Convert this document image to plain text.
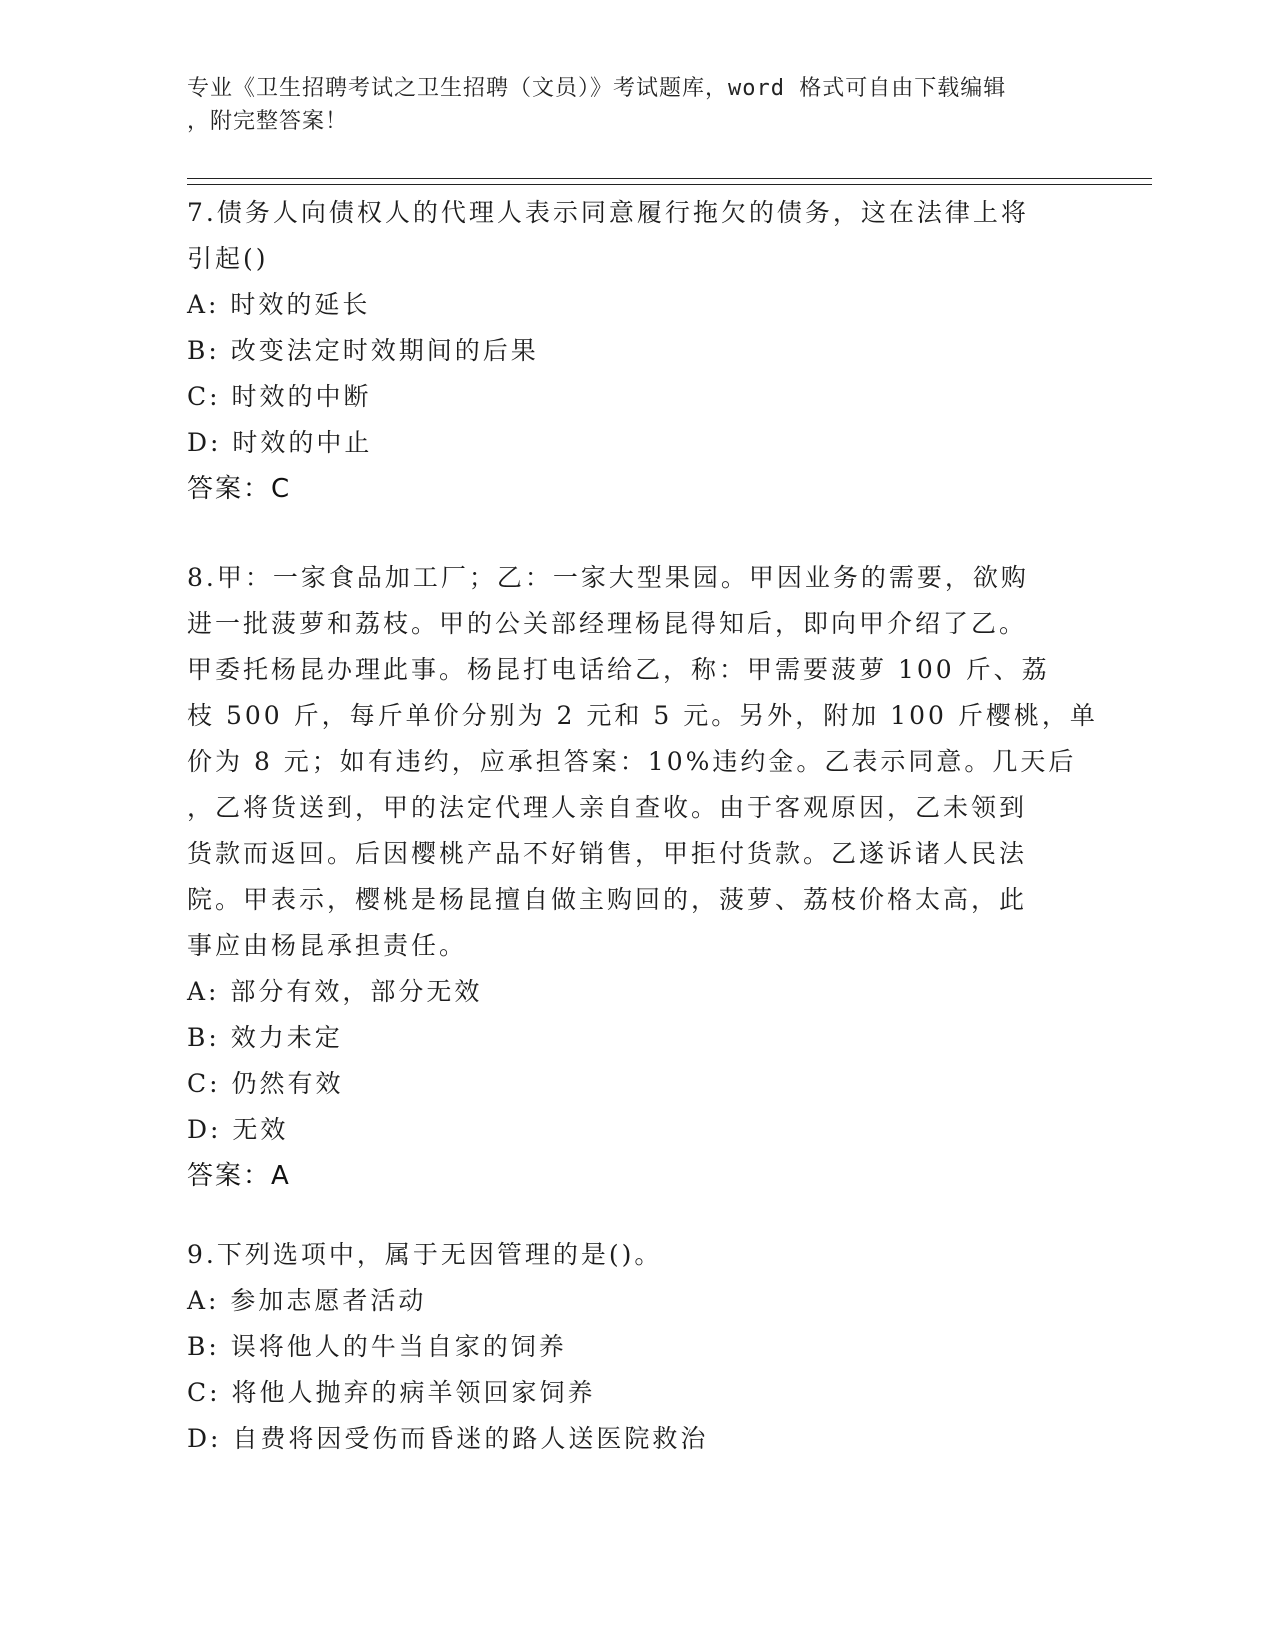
专业《卫生招聘考试之卫生招聘（文员）》考试题库，word 格式可自由下载编辑
，附完整答案！
7.债务人向债权人的代理人表示同意履行拖欠的债务，这在法律上将
引起()
A: 时效的延长
B: 改变法定时效期间的后果
C: 时效的中断
D: 时效的中止
答案：C
8.甲：一家食品加工厂；乙：一家大型果园。甲因业务的需要，欲购
进一批菠萝和荔枝。甲的公关部经理杨昆得知后，即向甲介绍了乙。
甲委托杨昆办理此事。杨昆打电话给乙，称：甲需要菠萝 100 斤、荔
枝 500 斤，每斤单价分别为 2 元和 5 元。另外，附加 100 斤樱桃，单
价为 8 元；如有违约，应承担答案：10%违约金。乙表示同意。几天后
，乙将货送到，甲的法定代理人亲自查收。由于客观原因，乙未领到
货款而返回。后因樱桃产品不好销售，甲拒付货款。乙遂诉诸人民法
院。甲表示，樱桃是杨昆擅自做主购回的，菠萝、荔枝价格太高，此
事应由杨昆承担责任。
A: 部分有效，部分无效
B: 效力未定
C: 仍然有效
D: 无效
答案：A
9.下列选项中，属于无因管理的是()。
A: 参加志愿者活动
B: 误将他人的牛当自家的饲养
C: 将他人抛弃的病羊领回家饲养
D: 自费将因受伤而昏迷的路人送医院救治
